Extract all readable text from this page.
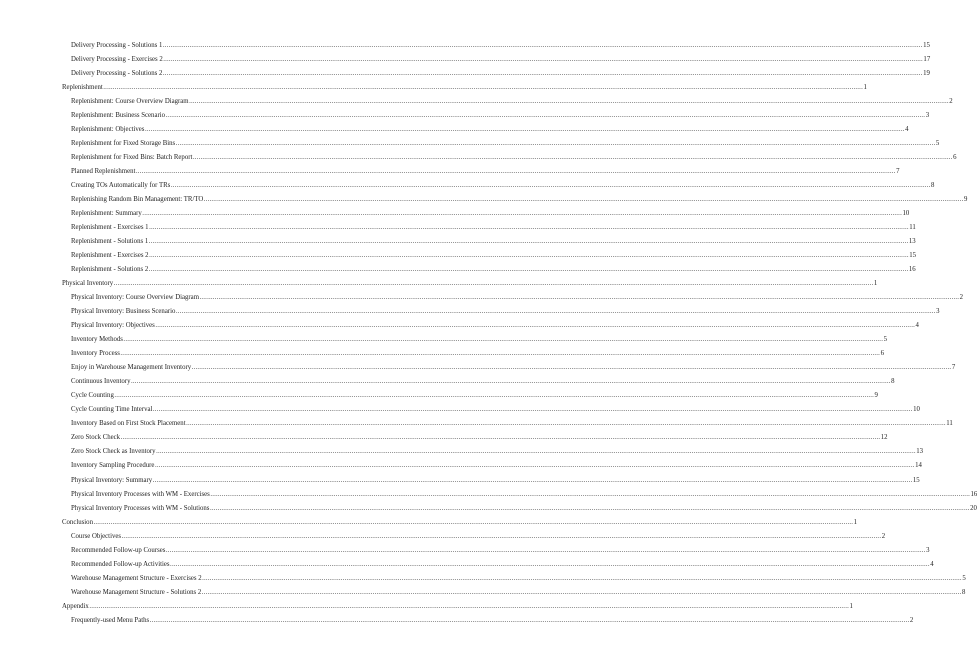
Delivery Processing - Solutions 1 ................................................................................................................................................................................................................................................................................................................................................................................................................ 15
Delivery Processing - Exercises 2 ................................................................................................................................................................................................................................................................................................................................................................................................................ 17
Delivery Processing - Solutions 2 ................................................................................................................................................................................................................................................................................................................................................................................................................ 19
Replenishment ................................................................................................................................................................................................................................................................................................................................................................................................................ 1
Replenishment: Course Overview Diagram ................................................................................................................................................................................................................................................................................................................................................................................................................ 2
Replenishment: Business Scenario ................................................................................................................................................................................................................................................................................................................................................................................................................ 3
Replenishment: Objectives ................................................................................................................................................................................................................................................................................................................................................................................................................ 4
Replenishment for Fixed Storage Bins ................................................................................................................................................................................................................................................................................................................................................................................................................ 5
Replenishment for Fixed Bins: Batch Report ................................................................................................................................................................................................................................................................................................................................................................................................................ 6
Planned Replenishment ................................................................................................................................................................................................................................................................................................................................................................................................................ 7
Creating TOs Automatically for TRs ................................................................................................................................................................................................................................................................................................................................................................................................................ 8
Replenishing Random Bin Management: TR/TO ................................................................................................................................................................................................................................................................................................................................................................................................................ 9
Replenishment: Summary ................................................................................................................................................................................................................................................................................................................................................................................................................ 10
Replenishment - Exercises 1 ................................................................................................................................................................................................................................................................................................................................................................................................................ 11
Replenishment - Solutions 1 ................................................................................................................................................................................................................................................................................................................................................................................................................ 13
Replenishment - Exercises 2 ................................................................................................................................................................................................................................................................................................................................................................................................................ 15
Replenishment - Solutions 2 ................................................................................................................................................................................................................................................................................................................................................................................................................ 16
Physical Inventory ................................................................................................................................................................................................................................................................................................................................................................................................................ 1
Physical Inventory: Course Overview Diagram ................................................................................................................................................................................................................................................................................................................................................................................................................ 2
Physical Inventory: Business Scenario ................................................................................................................................................................................................................................................................................................................................................................................................................ 3
Physical Inventory: Objectives ................................................................................................................................................................................................................................................................................................................................................................................................................ 4
Inventory Methods ................................................................................................................................................................................................................................................................................................................................................................................................................ 5
Inventory Process ................................................................................................................................................................................................................................................................................................................................................................................................................ 6
Enjoy in Warehouse Management Inventory ................................................................................................................................................................................................................................................................................................................................................................................................................ 7
Continuous Inventory ................................................................................................................................................................................................................................................................................................................................................................................................................ 8
Cycle Counting ................................................................................................................................................................................................................................................................................................................................................................................................................ 9
Cycle Counting Time Interval ................................................................................................................................................................................................................................................................................................................................................................................................................ 10
Inventory Based on First Stock Placement ................................................................................................................................................................................................................................................................................................................................................................................................................ 11
Zero Stock Check ................................................................................................................................................................................................................................................................................................................................................................................................................ 12
Zero Stock Check as Inventory ................................................................................................................................................................................................................................................................................................................................................................................................................ 13
Inventory Sampling Procedure ................................................................................................................................................................................................................................................................................................................................................................................................................ 14
Physical Inventory: Summary ................................................................................................................................................................................................................................................................................................................................................................................................................ 15
Physical Inventory Processes with WM - Exercises ................................................................................................................................................................................................................................................................................................................................................................................................................ 16
Physical Inventory Processes with WM - Solutions ................................................................................................................................................................................................................................................................................................................................................................................................................ 20
Conclusion ................................................................................................................................................................................................................................................................................................................................................................................................................ 1
Course Objectives ................................................................................................................................................................................................................................................................................................................................................................................................................ 2
Recommended Follow-up Courses ................................................................................................................................................................................................................................................................................................................................................................................................................ 3
Recommended Follow-up Activities ................................................................................................................................................................................................................................................................................................................................................................................................................ 4
Warehouse Management Structure - Exercises 2 ................................................................................................................................................................................................................................................................................................................................................................................................................ 5
Warehouse Management Structure - Solutions 2 ................................................................................................................................................................................................................................................................................................................................................................................................................ 8
Appendix ................................................................................................................................................................................................................................................................................................................................................................................................................ 1
Frequently-used Menu Paths ................................................................................................................................................................................................................................................................................................................................................................................................................ 2
